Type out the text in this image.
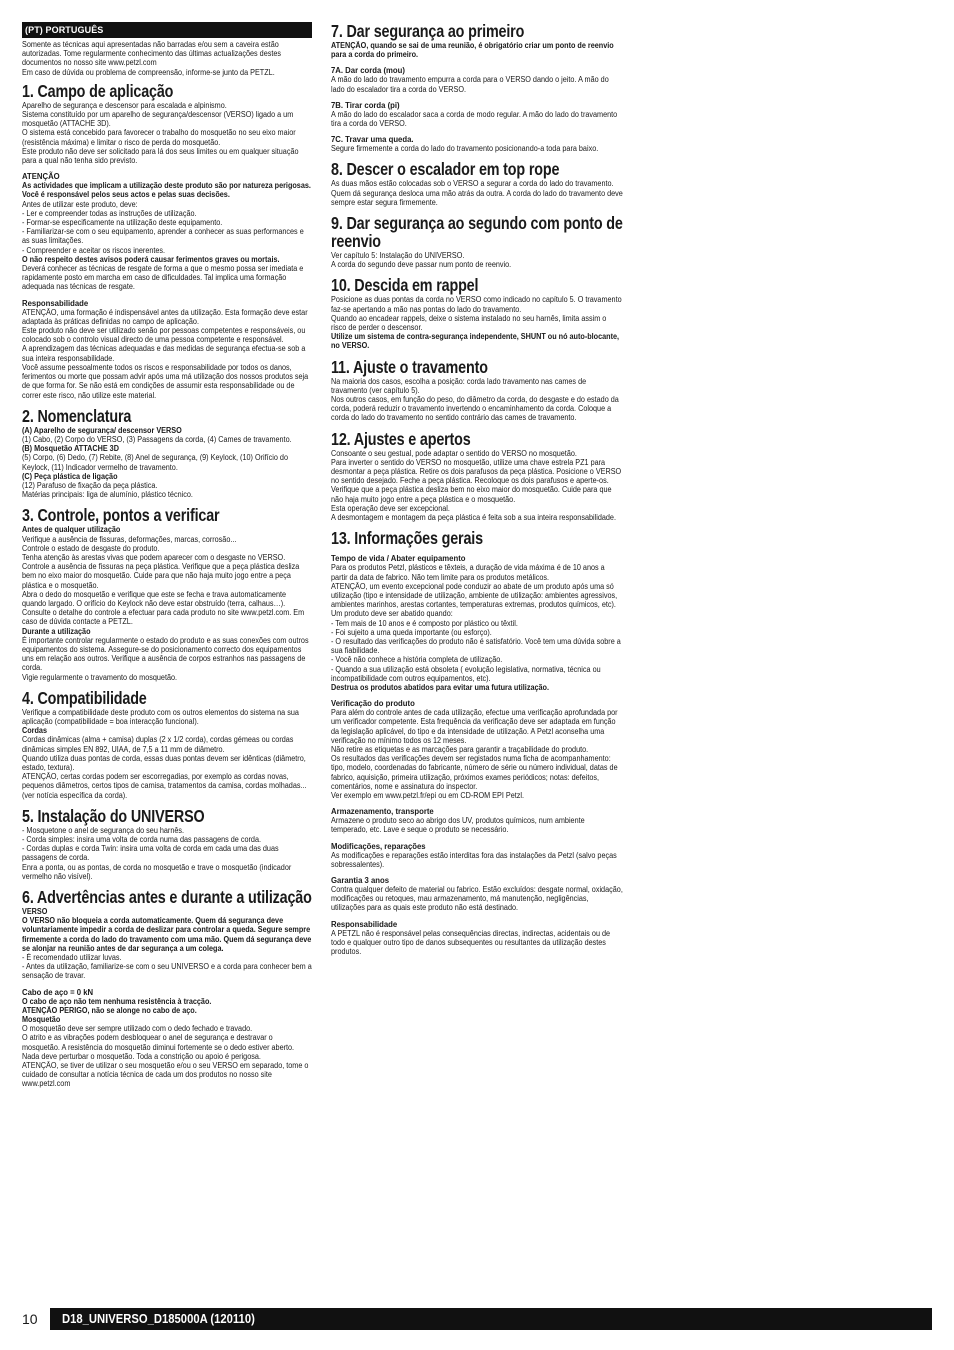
(PT) PORTUGUÊS

Somente as técnicas aqui apresentadas não barradas e/ou sem a caveira estão autorizadas. Tome regularmente conhecimento das últimas actualizações destes documentos no nosso site www.petzl.com

Em caso de dúvida ou problema de compreensão, informe-se junto da PETZL.

1. Campo de aplicação

Aparelho de segurança e descensor para escalada e alpinismo.

Sistema constituído por um aparelho de segurança/descensor (VERSO) ligado a um mosquetão (ATTACHE 3D).

O sistema está concebido para favorecer o trabalho do mosquetão no seu eixo maior (resistência máxima) e limitar o risco de perda do mosquetão.

Este produto não deve ser solicitado para lá dos seus limites ou em qualquer situação para a qual não tenha sido previsto.

ATENÇÃO

As actividades que implicam a utilização deste produto são por natureza perigosas.

Você é responsável pelos seus actos e pelas suas decisões.

Antes de utilizar este produto, deve:

- Ler e compreender todas as instruções de utilização.

- Formar-se especificamente na utilização deste equipamento.

- Familiarizar-se com o seu equipamento, aprender a conhecer as suas performances e as suas limitações.

- Compreender e aceitar os riscos inerentes.

O não respeito destes avisos poderá causar ferimentos graves ou mortais.

Deverá conhecer as técnicas de resgate de forma a que o mesmo possa ser imediata e rapidamente posto em marcha em caso de dificuldades. Tal implica uma formação adequada nas técnicas de resgate.

Responsabilidade

ATENÇÃO, uma formação é indispensável antes da utilização. Esta formação deve estar adaptada às práticas definidas no campo de aplicação.

Este produto não deve ser utilizado senão por pessoas competentes e responsáveis, ou colocado sob o controlo visual directo de uma pessoa competente e responsável.

A aprendizagem das técnicas adequadas e das medidas de segurança efectua-se sob a sua inteira responsabilidade.

Você assume pessoalmente todos os riscos e responsabilidade por todos os danos, ferimentos ou morte que possam advir após uma má utilização dos nossos produtos seja de que forma for. Se não está em condições de assumir esta responsabilidade ou de correr este risco, não utilize este material.

2. Nomenclatura

(A) Aparelho de segurança/ descensor VERSO

(1) Cabo, (2) Corpo do VERSO, (3) Passagens da corda, (4) Cames de travamento.

(B) Mosquetão ATTACHE 3D

(5) Corpo, (6) Dedo, (7) Rebite, (8) Anel de segurança, (9) Keylock, (10) Orifício do Keylock, (11) Indicador vermelho de travamento.

(C) Peça plástica de ligação

(12) Parafuso de fixação da peça plástica.

Matérias principais: liga de alumínio, plástico técnico.

3. Controle, pontos a verificar

Antes de qualquer utilização

Verifique a ausência de fissuras, deformações, marcas, corrosão...

Controle o estado de desgaste do produto.

Tenha atenção às arestas vivas que podem aparecer com o desgaste no VERSO. Controle a ausência de fissuras na peça plástica. Verifique que a peça plástica desliza bem no eixo maior do mosquetão. Cuide para que não haja muito jogo entre a peça plástica e o mosquetão.

Abra o dedo do mosquetão e verifique que este se fecha e trava automaticamente quando largado. O orifício do Keylock não deve estar obstruído (terra, calhaus…).

Consulte o detalhe do controle a efectuar para cada produto no site www.petzl.com. Em caso de dúvida contacte a PETZL.

Durante a utilização

É importante controlar regularmente o estado do produto e as suas conexões com outros equipamentos do sistema. Assegure-se do posicionamento correcto dos equipamentos uns em relação aos outros. Verifique a ausência de corpos estranhos nas passagens de corda.

Vigie regularmente o travamento do mosquetão.

4. Compatibilidade

Verifique a compatibilidade deste produto com os outros elementos do sistema na sua aplicação (compatibilidade = boa interacção funcional).

Cordas

Cordas dinâmicas (alma + camisa) duplas (2 x 1/2 corda), cordas gémeas ou cordas dinâmicas simples EN 892, UIAA, de 7,5 a 11 mm de diâmetro.

Quando utiliza duas pontas de corda, essas duas pontas devem ser idênticas (diâmetro, estado, textura).

ATENÇÃO, certas cordas podem ser escorregadias, por exemplo as cordas novas, pequenos diâmetros, certos tipos de camisa, tratamentos da camisa, cordas molhadas... (ver notícia específica da corda).

5. Instalação do UNIVERSO

- Mosquetone o anel de segurança do seu harnês.

- Corda simples: insira uma volta de corda numa das passagens de corda.

- Cordas duplas e corda Twin: insira uma volta de corda em cada uma das duas passagens de corda.

Enra a ponta, ou as pontas, de corda no mosquetão e trave o mosquetão (indicador vermelho não visível).

6. Advertências antes e durante a utilização

VERSO

O VERSO não bloqueia a corda automaticamente. Quem dá segurança deve voluntariamente impedir a corda de deslizar para controlar a queda. Segure sempre firmemente a corda do lado do travamento com uma mão. Quem dá segurança deve se alonjar na reunião antes de dar segurança a um colega.

- É recomendado utilizar luvas.

- Antes da utilização, familiarize-se com o seu UNIVERSO e a corda para conhecer bem a sensação de travar.

Cabo de aço = 0 kN

O cabo de aço não tem nenhuma resistência à tracção.

ATENÇÃO PERIGO, não se alonge no cabo de aço.

Mosquetão

O mosquetão deve ser sempre utilizado com o dedo fechado e travado.

O atrito e as vibrações podem desbloquear o anel de segurança e destravar o mosquetão. A resistência do mosquetão diminui fortemente se o dedo estiver aberto.

Nada deve perturbar o mosquetão. Toda a constrição ou apoio é perigosa.

ATENÇÃO, se tiver de utilizar o seu mosquetão e/ou o seu VERSO em separado, tome o cuidado de consultar a notícia técnica de cada um dos produtos no nosso site www.petzl.com

7. Dar segurança ao primeiro

ATENÇÃO, quando se sai de uma reunião, é obrigatório criar um ponto de reenvio para a corda do primeiro.

7A. Dar corda (mou)

A mão do lado do travamento empurra a corda para o VERSO dando o jeito. A mão do lado do escalador tira a corda do VERSO.

7B. Tirar corda (pi)

A mão do lado do escalador saca a corda de modo regular. A mão do lado do travamento tira a corda do VERSO.

7C. Travar uma queda.

Segure firmemente a corda do lado do travamento posicionando-a toda para baixo.

8. Descer o escalador em top rope

As duas mãos estão colocadas sob o VERSO a segurar a corda do lado do travamento. Quem dá segurança desloca uma mão atrás da outra. A corda do lado do travamento deve sempre estar segura firmemente.

9. Dar segurança ao segundo com ponto de reenvio

Ver capítulo 5: Instalação do UNIVERSO.

A corda do segundo deve passar num ponto de reenvio.

10. Descida em rappel

Posicione as duas pontas da corda no VERSO como indicado no capítulo 5. O travamento faz-se apertando a mão nas pontas do lado do travamento.

Quando ao encadear rappels, deixe o sistema instalado no seu harnês, limita assim o risco de perder o descensor.

Utilize um sistema de contra-segurança independente, SHUNT ou nó auto-blocante, no VERSO.

11. Ajuste o travamento

Na maioria dos casos, escolha a posição: corda lado travamento nas cames de travamento (ver capítulo 5).

Nos outros casos, em função do peso, do diâmetro da corda, do desgaste e do estado da corda, poderá reduzir o travamento invertendo o encaminhamento da corda. Coloque a corda do lado do travamento no sentido contrário das cames de travamento.

12. Ajustes e apertos

Consoante o seu gestual, pode adaptar o sentido do VERSO no mosquetão.

Para inverter o sentido do VERSO no mosquetão, utilize uma chave estrela PZ1 para desmontar a peça plástica. Retire os dois parafusos da peça plástica. Posicione o VERSO no sentido desejado. Feche a peça plástica. Recoloque os dois parafusos e aperte-os. Verifique que a peça plástica desliza bem no eixo maior do mosquetão. Cuide para que não haja muito jogo entre a peça plástica e o mosquetão.

Esta operação deve ser excepcional.

A desmontagem e montagem da peça plástica é feita sob a sua inteira responsabilidade.

13. Informações gerais
Tempo de vida / Abater equipamento

Para os produtos Petzl, plásticos e têxteis, a duração de vida máxima é de 10 anos a partir da data de fabrico. Não tem limite para os produtos metálicos.

ATENÇÃO, um evento excepcional pode conduzir ao abate de um produto após uma só utilização (tipo e intensidade de utilização, ambiente de utilização: ambientes agressivos, ambientes marinhos, arestas cortantes, temperaturas extremas, produtos químicos, etc).

Um produto deve ser abatido quando:

- Tem mais de 10 anos e é composto por plástico ou têxtil.

- Foi sujeito a uma queda importante (ou esforço).

- O resultado das verificações do produto não é satisfatório. Você tem uma dúvida sobre a sua fiabilidade.

- Você não conhece a história completa de utilização.

- Quando a sua utilização está obsoleta ( evolução legislativa, normativa, técnica ou incompatibilidade com outros equipamentos, etc).

Destrua os produtos abatidos para evitar uma futura utilização.

Verificação do produto

Para além do controle antes de cada utilização, efectue uma verificação aprofundada por um verificador competente. Esta frequência da verificação deve ser adaptada em função da legislação aplicável, do tipo e da intensidade de utilização. A Petzl aconselha uma verificação no mínimo todos os 12 meses.

Não retire as etiquetas e as marcações para garantir a traçabilidade do produto.

Os resultados das verificações devem ser registados numa ficha de acompanhamento: tipo, modelo, coordenadas do fabricante, número de série ou número individual, datas de fabrico, aquisição, primeira utilização, próximos exames periódicos; notas: defeitos, comentários, nome e assinatura do inspector.

Ver exemplo em www.petzl.fr/epi ou em CD-ROM EPI Petzl.

Armazenamento, transporte

Armazene o produto seco ao abrigo dos UV, produtos químicos, num ambiente temperado, etc. Lave e seque o produto se necessário.

Modificações, reparações

As modificações e reparações estão interditas fora das instalações da Petzl (salvo peças sobressalentes).

Garantia 3 anos

Contra qualquer defeito de material ou fabrico. Estão excluídos: desgate normal, oxidação, modificações ou retoques, mau armazenamento, má manutenção, negligências, utilizações para as quais este produto não está destinado.

Responsabilidade

A PETZL não é responsável pelas consequências directas, indirectas, acidentais ou de todo e qualquer outro tipo de danos subsequentes ou resultantes da utilização destes produtos.

10 D18_UNIVERSO_D185000A (120110)
